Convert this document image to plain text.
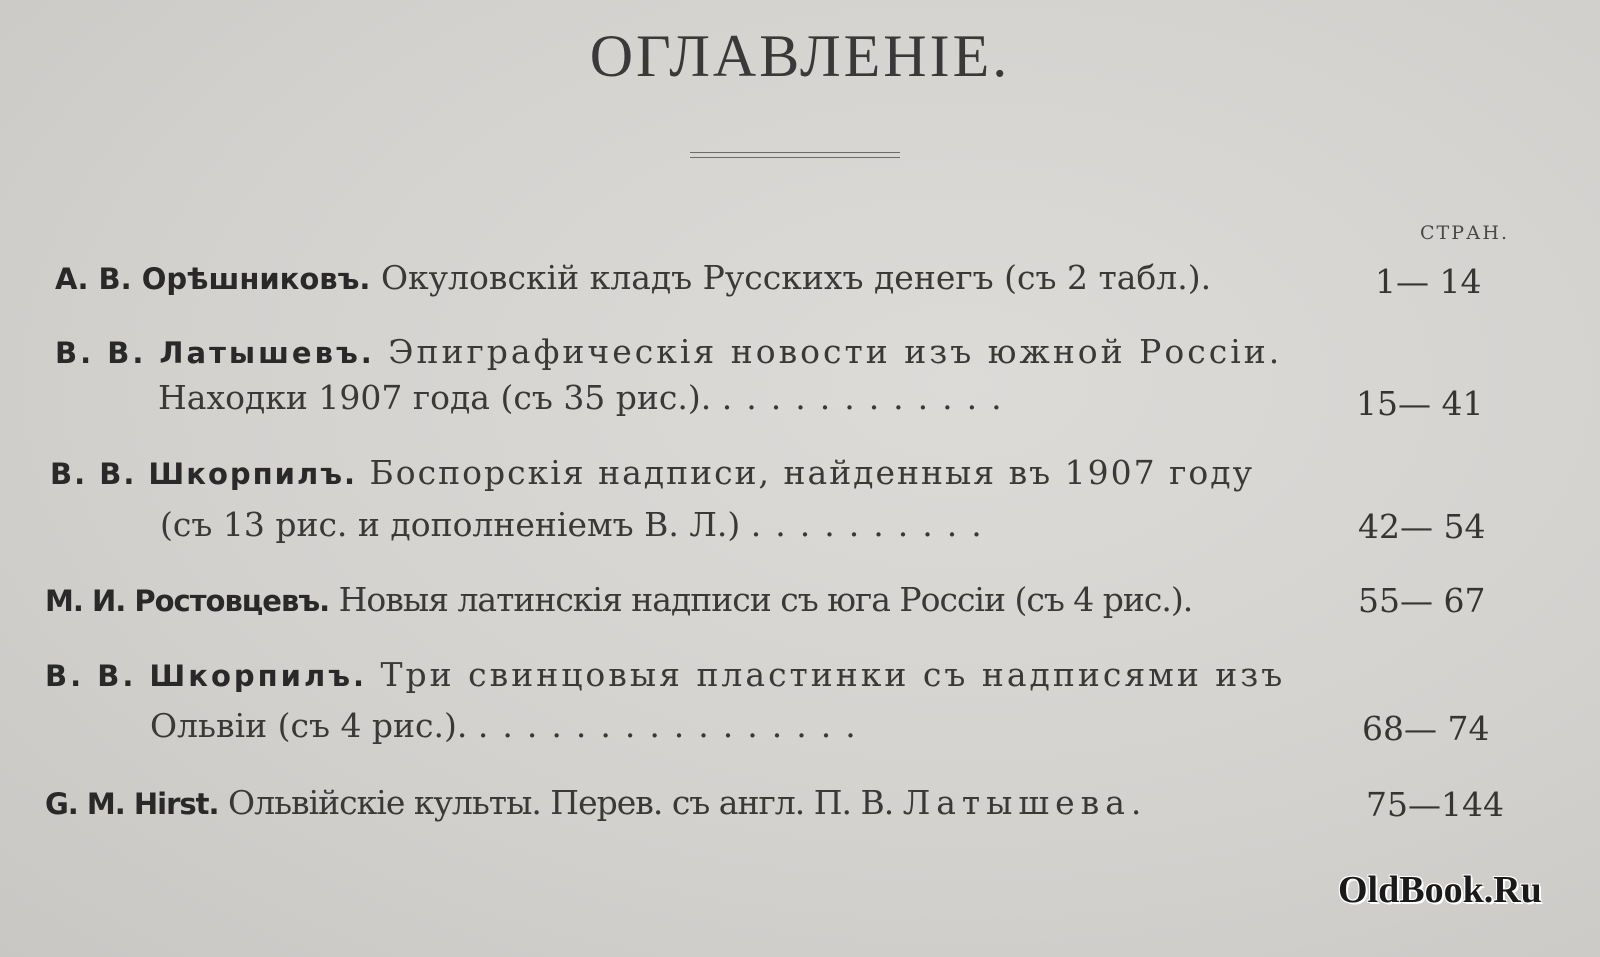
ОГЛАВЛЕНIЕ.
СТРАН.
А. В. Орѣшниковъ. Окуловскiй кладъ Русскихъ денегъ (съ 2 табл.).	1— 14
В. В. Латышевъ. Эпиграфическiя новости изъ южной Россiи.
Находки 1907 года (съ 35 рис.). ............	15— 41
В. В. Шкорпилъ. Боспорскiя надписи, найденныя въ 1907 году
(съ 13 рис. и дополненiемъ В. Л.) ..........	42— 54
М. И. Ростовцевъ. Новыя латинскiя надписи съ юга Россiи (съ 4 рис.).	55— 67
В. В. Шкорпилъ. Три свинцовыя пластинки съ надписями изъ
Ольвiи (съ 4 рис.). ................	68— 74
G. M. Hirst. Ольвiйскiе культы. Перев. съ англ. П. В. Латышева.	75—144
OldBook.Ru
